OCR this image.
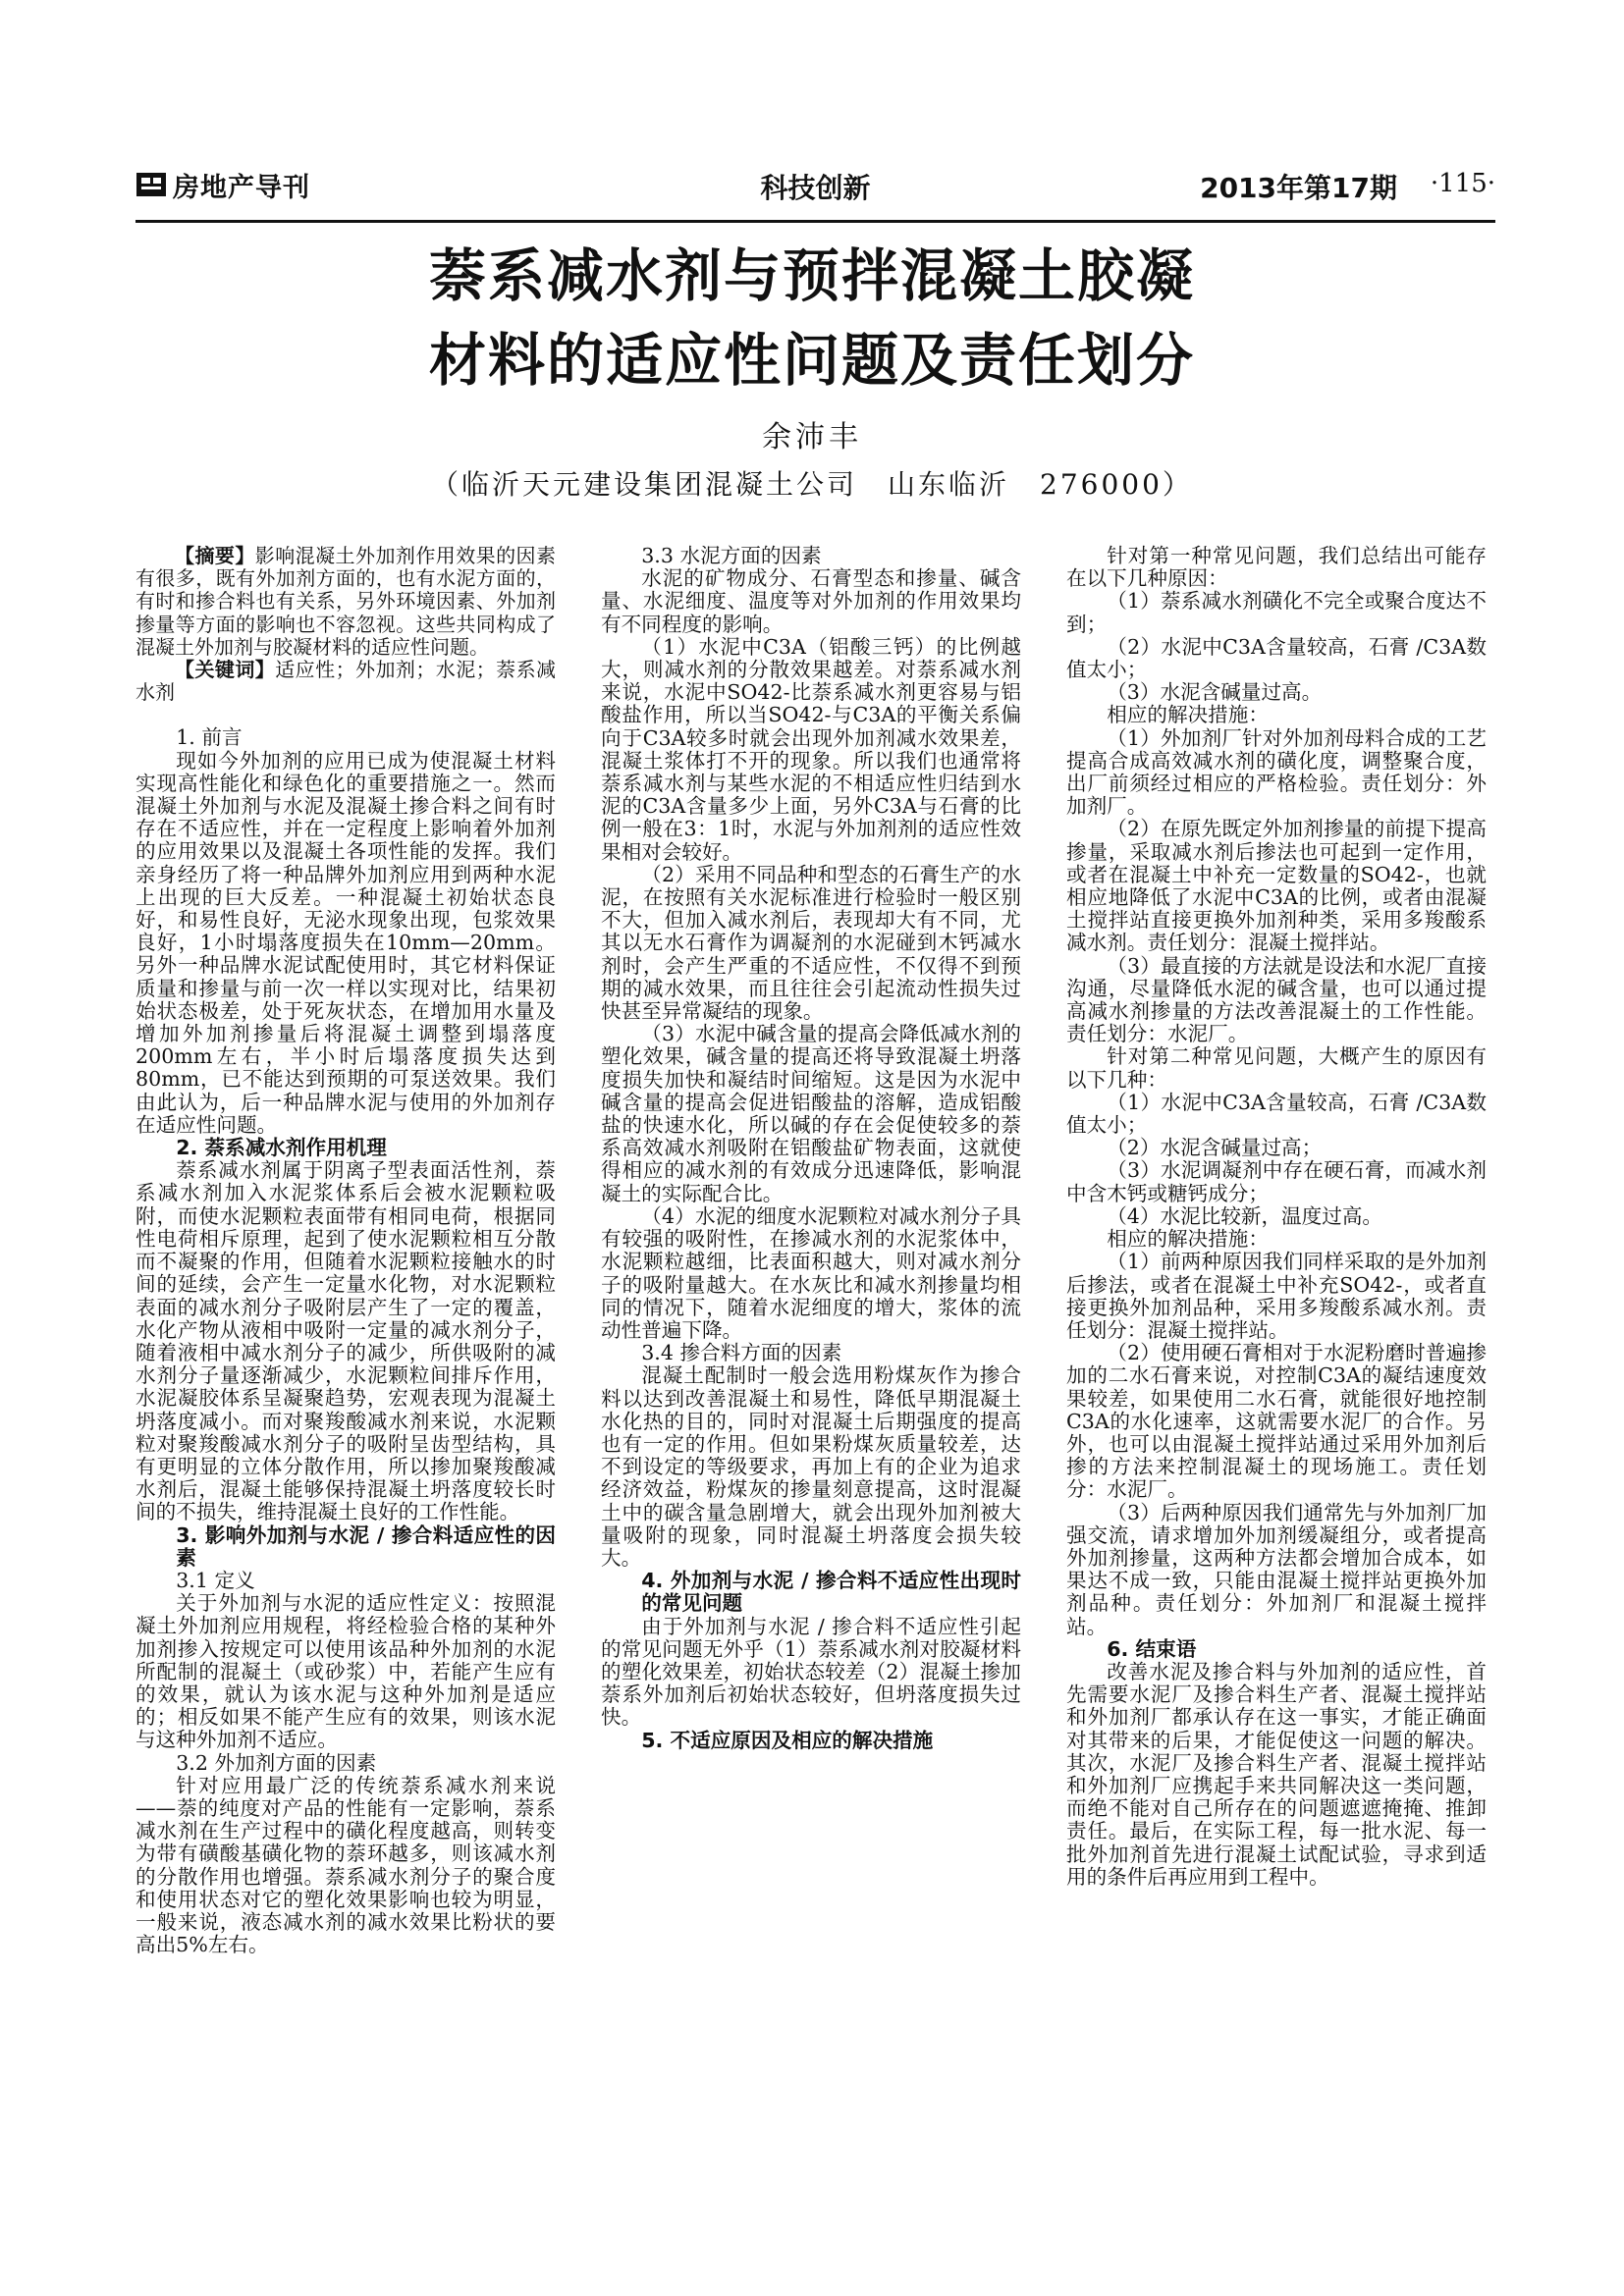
房地产导刊	科技创新	2013年第17期 ·115·
萘系减水剂与预拌混凝土胶凝
材料的适应性问题及责任划分
余沛丰
（临沂天元建设集团混凝土公司　山东临沂　276000）

【摘要】影响混凝土外加剂作用效果的因素有很多，既有外加剂方面的，也有水泥方面的，有时和掺合料也有关系，另外环境因素、外加剂掺量等方面的影响也不容忽视。这些共同构成了混凝土外加剂与胶凝材料的适应性问题。

【关键词】适应性；外加剂；水泥；萘系减水剂

1. 前言

现如今外加剂的应用已成为使混凝土材料实现高性能化和绿色化的重要措施之一。然而混凝土外加剂与水泥及混凝土掺合料之间有时存在不适应性，并在一定程度上影响着外加剂的应用效果以及混凝土各项性能的发挥。我们亲身经历了将一种品牌外加剂应用到两种水泥上出现的巨大反差。一种混凝土初始状态良好，和易性良好，无泌水现象出现，包浆效果良好，1小时塌落度损失在10mm—20mm。另外一种品牌水泥试配使用时，其它材料保证质量和掺量与前一次一样以实现对比，结果初始状态极差，处于死灰状态，在增加用水量及增加外加剂掺量后将混凝土调整到塌落度200mm左右，半小时后塌落度损失达到80mm，已不能达到预期的可泵送效果。我们由此认为，后一种品牌水泥与使用的外加剂存在适应性问题。

2. 萘系减水剂作用机理

萘系减水剂属于阴离子型表面活性剂，萘系减水剂加入水泥浆体系后会被水泥颗粒吸附，而使水泥颗粒表面带有相同电荷，根据同性电荷相斥原理，起到了使水泥颗粒相互分散而不凝聚的作用，但随着水泥颗粒接触水的时间的延续，会产生一定量水化物，对水泥颗粒表面的减水剂分子吸附层产生了一定的覆盖，水化产物从液相中吸附一定量的减水剂分子，随着液相中减水剂分子的减少，所供吸附的减水剂分子量逐渐减少，水泥颗粒间排斥作用，水泥凝胶体系呈凝聚趋势，宏观表现为混凝土坍落度减小。而对聚羧酸减水剂来说，水泥颗粒对聚羧酸减水剂分子的吸附呈齿型结构，具有更明显的立体分散作用，所以掺加聚羧酸减水剂后，混凝土能够保持混凝土坍落度较长时间的不损失，维持混凝土良好的工作性能。

3. 影响外加剂与水泥 / 掺合料适应性的因素
3.1 定义

关于外加剂与水泥的适应性定义：按照混凝土外加剂应用规程，将经检验合格的某种外加剂掺入按规定可以使用该品种外加剂的水泥所配制的混凝土（或砂浆）中，若能产生应有的效果，就认为该水泥与这种外加剂是适应的；相反如果不能产生应有的效果，则该水泥与这种外加剂不适应。

3.2 外加剂方面的因素

针对应用最广泛的传统萘系减水剂来说——萘的纯度对产品的性能有一定影响，萘系减水剂在生产过程中的磺化程度越高，则转变为带有磺酸基磺化物的萘环越多，则该减水剂的分散作用也增强。萘系减水剂分子的聚合度和使用状态对它的塑化效果影响也较为明显，一般来说，液态减水剂的减水效果比粉状的要高出5%左右。

3.3 水泥方面的因素

水泥的矿物成分、石膏型态和掺量、碱含量、水泥细度、温度等对外加剂的作用效果均有不同程度的影响。

（1）水泥中C3A（铝酸三钙）的比例越大，则减水剂的分散效果越差。对萘系减水剂来说，水泥中SO42-比萘系减水剂更容易与铝酸盐作用，所以当SO42-与C3A的平衡关系偏向于C3A较多时就会出现外加剂减水效果差，混凝土浆体打不开的现象。所以我们也通常将萘系减水剂与某些水泥的不相适应性归结到水泥的C3A含量多少上面，另外C3A与石膏的比例一般在3：1时，水泥与外加剂剂的适应性效果相对会较好。

（2）采用不同品种和型态的石膏生产的水泥，在按照有关水泥标准进行检验时一般区别不大，但加入减水剂后，表现却大有不同，尤其以无水石膏作为调凝剂的水泥碰到木钙减水剂时，会产生严重的不适应性，不仅得不到预期的减水效果，而且往往会引起流动性损失过快甚至异常凝结的现象。

（3）水泥中碱含量的提高会降低减水剂的塑化效果，碱含量的提高还将导致混凝土坍落度损失加快和凝结时间缩短。这是因为水泥中碱含量的提高会促进铝酸盐的溶解，造成铝酸盐的快速水化，所以碱的存在会促使较多的萘系高效减水剂吸附在铝酸盐矿物表面，这就使得相应的减水剂的有效成分迅速降低，影响混凝土的实际配合比。

（4）水泥的细度水泥颗粒对减水剂分子具有较强的吸附性，在掺减水剂的水泥浆体中，水泥颗粒越细，比表面积越大，则对减水剂分子的吸附量越大。在水灰比和减水剂掺量均相同的情况下，随着水泥细度的增大，浆体的流动性普遍下降。

3.4 掺合料方面的因素

混凝土配制时一般会选用粉煤灰作为掺合料以达到改善混凝土和易性，降低早期混凝土水化热的目的，同时对混凝土后期强度的提高也有一定的作用。但如果粉煤灰质量较差，达不到设定的等级要求，再加上有的企业为追求经济效益，粉煤灰的掺量刻意提高，这时混凝土中的碳含量急剧增大，就会出现外加剂被大量吸附的现象，同时混凝土坍落度会损失较大。

4. 外加剂与水泥 / 掺合料不适应性出现时的常见问题

由于外加剂与水泥 / 掺合料不适应性引起的常见问题无外乎（1）萘系减水剂对胶凝材料的塑化效果差，初始状态较差（2）混凝土掺加萘系外加剂后初始状态较好，但坍落度损失过快。

5. 不适应原因及相应的解决措施

针对第一种常见问题，我们总结出可能存在以下几种原因：

（1）萘系减水剂磺化不完全或聚合度达不到；

（2）水泥中C3A含量较高，石膏 /C3A数值太小；

（3）水泥含碱量过高。

相应的解决措施：

（1）外加剂厂针对外加剂母料合成的工艺提高合成高效减水剂的磺化度，调整聚合度，出厂前须经过相应的严格检验。责任划分：外加剂厂。

（2）在原先既定外加剂掺量的前提下提高掺量，采取减水剂后掺法也可起到一定作用，或者在混凝土中补充一定数量的SO42-，也就相应地降低了水泥中C3A的比例，或者由混凝土搅拌站直接更换外加剂种类，采用多羧酸系减水剂。责任划分：混凝土搅拌站。

（3）最直接的方法就是设法和水泥厂直接沟通，尽量降低水泥的碱含量，也可以通过提高减水剂掺量的方法改善混凝土的工作性能。责任划分：水泥厂。

针对第二种常见问题，大概产生的原因有以下几种：

（1）水泥中C3A含量较高，石膏 /C3A数值太小；

（2）水泥含碱量过高；

（3）水泥调凝剂中存在硬石膏，而减水剂中含木钙或糖钙成分；

（4）水泥比较新，温度过高。

相应的解决措施：

（1）前两种原因我们同样采取的是外加剂后掺法，或者在混凝土中补充SO42-，或者直接更换外加剂品种，采用多羧酸系减水剂。责任划分：混凝土搅拌站。

（2）使用硬石膏相对于水泥粉磨时普遍掺加的二水石膏来说，对控制C3A的凝结速度效果较差，如果使用二水石膏，就能很好地控制C3A的水化速率，这就需要水泥厂的合作。另外，也可以由混凝土搅拌站通过采用外加剂后掺的方法来控制混凝土的现场施工。责任划分：水泥厂。

（3）后两种原因我们通常先与外加剂厂加强交流，请求增加外加剂缓凝组分，或者提高外加剂掺量，这两种方法都会增加合成本，如果达不成一致，只能由混凝土搅拌站更换外加剂品种。责任划分：外加剂厂和混凝土搅拌站。

6. 结束语

改善水泥及掺合料与外加剂的适应性，首先需要水泥厂及掺合料生产者、混凝土搅拌站和外加剂厂都承认存在这一事实，才能正确面对其带来的后果，才能促使这一问题的解决。其次，水泥厂及掺合料生产者、混凝土搅拌站和外加剂厂应携起手来共同解决这一类问题，而绝不能对自己所存在的问题遮遮掩掩、推卸责任。最后，在实际工程，每一批水泥、每一批外加剂首先进行混凝土试配试验，寻求到适用的条件后再应用到工程中。
